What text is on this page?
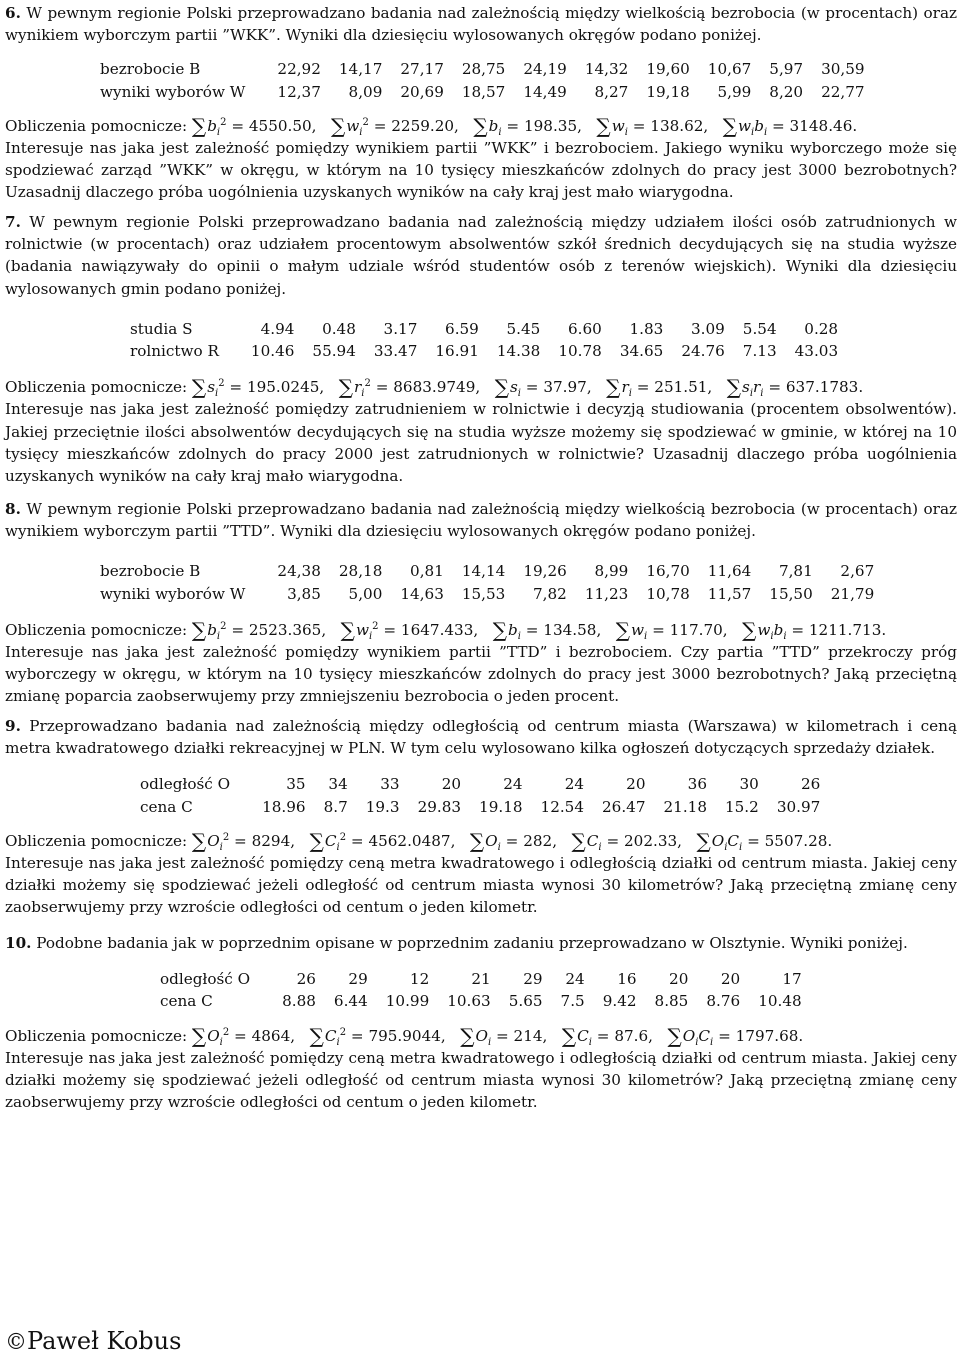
6. W pewnym regionie Polski przeprowadzano badania nad zależnością między wielkością bezrobocia (w procentach) oraz wynikiem wyborczym partii ”WKK”. Wyniki dla dziesięciu wylosowanych okręgów podano poniżej.

bezrobocie B	22,92	14,17	27,17	28,75	24,19	14,32	19,60	10,67	5,97	30,59
wyniki wyborów W	12,37	8,09	20,69	18,57	14,49	8,27	19,18	5,99	8,20	22,77

Obliczenia pomocnicze: $\sum b_i^2 = 4550.50$, $\sum w_i^2 = 2259.20$, $\sum b_i = 198.35$, $\sum w_i = 138.62$, $\sum w_ib_i = 3148.46$.

Interesuje nas jaka jest zależność pomiędzy wynikiem partii ”WKK” i bezrobociem. Jakiego wyniku wyborczego może się spodziewać zarząd ”WKK” w okręgu, w którym na 10 tysięcy mieszkańców zdolnych do pracy jest 3000 bezrobotnych? Uzasadnij dlaczego próba uogólnienia uzyskanych wyników na cały kraj jest mało wiarygodna.

7. W pewnym regionie Polski przeprowadzano badania nad zależnością między udziałem ilości osób zatrudnionych w rolnictwie (w procentach) oraz udziałem procentowym absolwentów szkół średnich decydujących się na studia wyższe (badania nawiązywały do opinii o małym udziale wśród studentów osób z terenów wiejskich). Wyniki dla dziesięciu wylosowanych gmin podano poniżej.

studia S	4.94	0.48	3.17	6.59	5.45	6.60	1.83	3.09	5.54	0.28
rolnictwo R	10.46	55.94	33.47	16.91	14.38	10.78	34.65	24.76	7.13	43.03

Obliczenia pomocnicze: $\sum s_i^2 = 195.0245$, $\sum r_i^2 = 8683.9749$, $\sum s_i = 37.97$, $\sum r_i = 251.51$, $\sum s_ir_i = 637.1783$.

Interesuje nas jaka jest zależność pomiędzy zatrudnieniem w rolnictwie i decyzją studiowania (procentem obsolwentów). Jakiej przeciętnie ilości absolwentów decydujących się na studia wyższe możemy się spodziewać w gminie, w której na 10 tysięcy mieszkańców zdolnych do pracy 2000 jest zatrudnionych w rolnictwie? Uzasadnij dlaczego próba uogólnienia uzyskanych wyników na cały kraj mało wiarygodna.

8. W pewnym regionie Polski przeprowadzano badania nad zależnością między wielkością bezrobocia (w procentach) oraz wynikiem wyborczym partii ”TTD”. Wyniki dla dziesięciu wylosowanych okręgów podano poniżej.

bezrobocie B	24,38	28,18	0,81	14,14	19,26	8,99	16,70	11,64	7,81	2,67
wyniki wyborów W	3,85	5,00	14,63	15,53	7,82	11,23	10,78	11,57	15,50	21,79

Obliczenia pomocnicze: $\sum b_i^2 = 2523.365$, $\sum w_i^2 = 1647.433$, $\sum b_i = 134.58$, $\sum w_i = 117.70$, $\sum w_ib_i = 1211.713$.

Interesuje nas jaka jest zależność pomiędzy wynikiem partii ”TTD” i bezrobociem. Czy partia ”TTD” przekroczy próg wyborczegy w okręgu, w którym na 10 tysięcy mieszkańców zdolnych do pracy jest 3000 bezrobotnych? Jaką przeciętną zmianę poparcia zaobserwujemy przy zmniejszeniu bezrobocia o jeden procent.

9. Przeprowadzano badania nad zależnością między odległością od centrum miasta (Warszawa) w kilometrach i ceną metra kwadratowego działki rekreacyjnej w PLN. W tym celu wylosowano kilka ogłoszeń dotyczących sprzedaży działek.

odległość O	35	34	33	20	24	24	20	36	30	26
cena C	18.96	8.7	19.3	29.83	19.18	12.54	26.47	21.18	15.2	30.97

Obliczenia pomocnicze: $\sum O_i^2 = 8294$, $\sum C_i^2 = 4562.0487$, $\sum O_i = 282$, $\sum C_i = 202.33$, $\sum O_iC_i = 5507.28$.

Interesuje nas jaka jest zależność pomiędzy ceną metra kwadratowego i odległością działki od centrum miasta. Jakiej ceny działki możemy się spodziewać jeżeli odległość od centrum miasta wynosi 30 kilometrów? Jaką przeciętną zmianę ceny zaobserwujemy przy wzroście odległości od centum o jeden kilometr.

10. Podobne badania jak w poprzednim opisane w poprzednim zadaniu przeprowadzano w Olsztynie. Wyniki poniżej.

odległość O	26	29	12	21	29	24	16	20	20	17
cena C	8.88	6.44	10.99	10.63	5.65	7.5	9.42	8.85	8.76	10.48

Obliczenia pomocnicze: $\sum O_i^2 = 4864$, $\sum C_i^2 = 795.9044$, $\sum O_i = 214$, $\sum C_i = 87.6$, $\sum O_iC_i = 1797.68$.

Interesuje nas jaka jest zależność pomiędzy ceną metra kwadratowego i odległością działki od centrum miasta. Jakiej ceny działki możemy się spodziewać jeżeli odległość od centrum miasta wynosi 30 kilometrów? Jaką przeciętną zmianę ceny zaobserwujemy przy wzroście odległości od centum o jeden kilometr.

©Paweł Kobus
